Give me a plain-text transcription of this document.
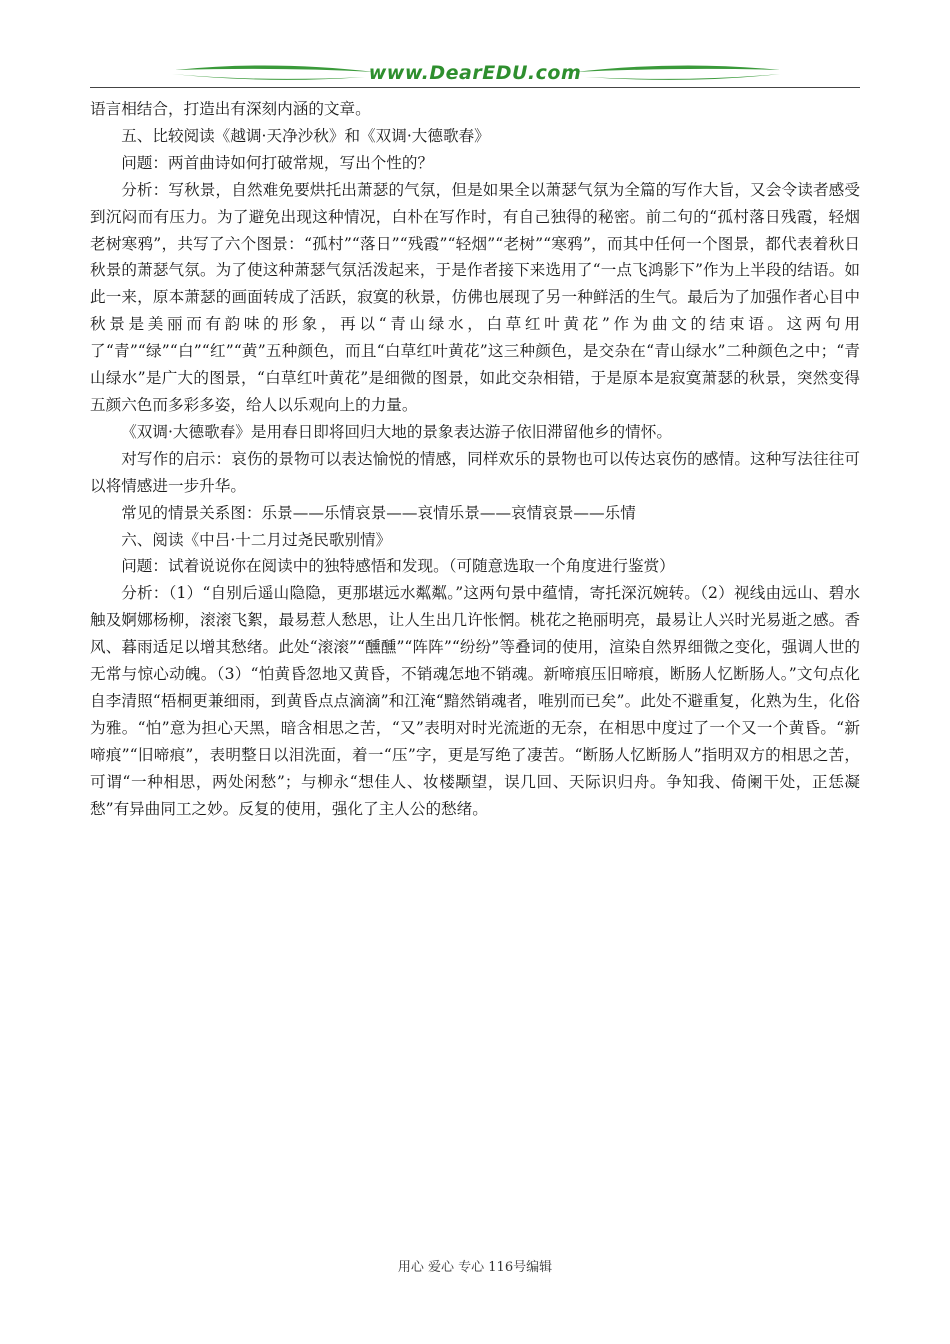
www.DearEDU.com

语言相结合，打造出有深刻内涵的文章。

五、比较阅读《越调·天净沙秋》和《双调·大德歌春》

问题：两首曲诗如何打破常规，写出个性的？

分析：写秋景，自然难免要烘托出萧瑟的气氛，但是如果全以萧瑟气氛为全篇的写作大旨，又会令读者感受到沉闷而有压力。为了避免出现这种情况，白朴在写作时，有自己独得的秘密。前二句的“孤村落日残霞，轻烟老树寒鸦”，共写了六个图景：“孤村”“落日”“残霞”“轻烟”“老树”“寒鸦”，而其中任何一个图景，都代表着秋日秋景的萧瑟气氛。为了使这种萧瑟气氛活泼起来，于是作者接下来选用了“一点飞鸿影下”作为上半段的结语。如此一来，原本萧瑟的画面转成了活跃，寂寞的秋景，仿佛也展现了另一种鲜活的生气。最后为了加强作者心目中秋景是美丽而有韵味的形象，再以“青山绿水，白草红叶黄花”作为曲文的结束语。这两句用了“青”“绿”“白”“红”“黄”五种颜色，而且“白草红叶黄花”这三种颜色，是交杂在“青山绿水”二种颜色之中；“青山绿水”是广大的图景，“白草红叶黄花”是细微的图景，如此交杂相错，于是原本是寂寞萧瑟的秋景，突然变得五颜六色而多彩多姿，给人以乐观向上的力量。

《双调·大德歌春》是用春日即将回归大地的景象表达游子依旧滞留他乡的情怀。

对写作的启示：哀伤的景物可以表达愉悦的情感，同样欢乐的景物也可以传达哀伤的感情。这种写法往往可以将情感进一步升华。

常见的情景关系图：乐景——乐情哀景——哀情乐景——哀情哀景——乐情

六、阅读《中吕·十二月过尧民歌别情》

问题：试着说说你在阅读中的独特感悟和发现。（可随意选取一个角度进行鉴赏）

分析：（1）“自别后遥山隐隐，更那堪远水粼粼。”这两句景中蕴情，寄托深沉婉转。（2）视线由远山、碧水触及婀娜杨柳，滚滚飞絮，最易惹人愁思，让人生出几许怅惘。桃花之艳丽明亮，最易让人兴时光易逝之感。香风、暮雨适足以增其愁绪。此处“滚滚”“醺醺”“阵阵”“纷纷”等叠词的使用，渲染自然界细微之变化，强调人世的无常与惊心动魄。（3）“怕黄昏忽地又黄昏，不销魂怎地不销魂。新啼痕压旧啼痕，断肠人忆断肠人。”文句点化自李清照“梧桐更兼细雨，到黄昏点点滴滴”和江淹“黯然销魂者，唯别而已矣”。此处不避重复，化熟为生，化俗为雅。“怕”意为担心天黑，暗含相思之苦，“又”表明对时光流逝的无奈，在相思中度过了一个又一个黄昏。“新啼痕”“旧啼痕”，表明整日以泪洗面，着一“压”字，更是写绝了凄苦。“断肠人忆断肠人”指明双方的相思之苦，可谓“一种相思，两处闲愁”；与柳永“想佳人、妆楼颙望，误几回、天际识归舟。争知我、倚阑干处，正恁凝愁”有异曲同工之妙。反复的使用，强化了主人公的愁绪。

用心 爱心 专心 116号编辑
